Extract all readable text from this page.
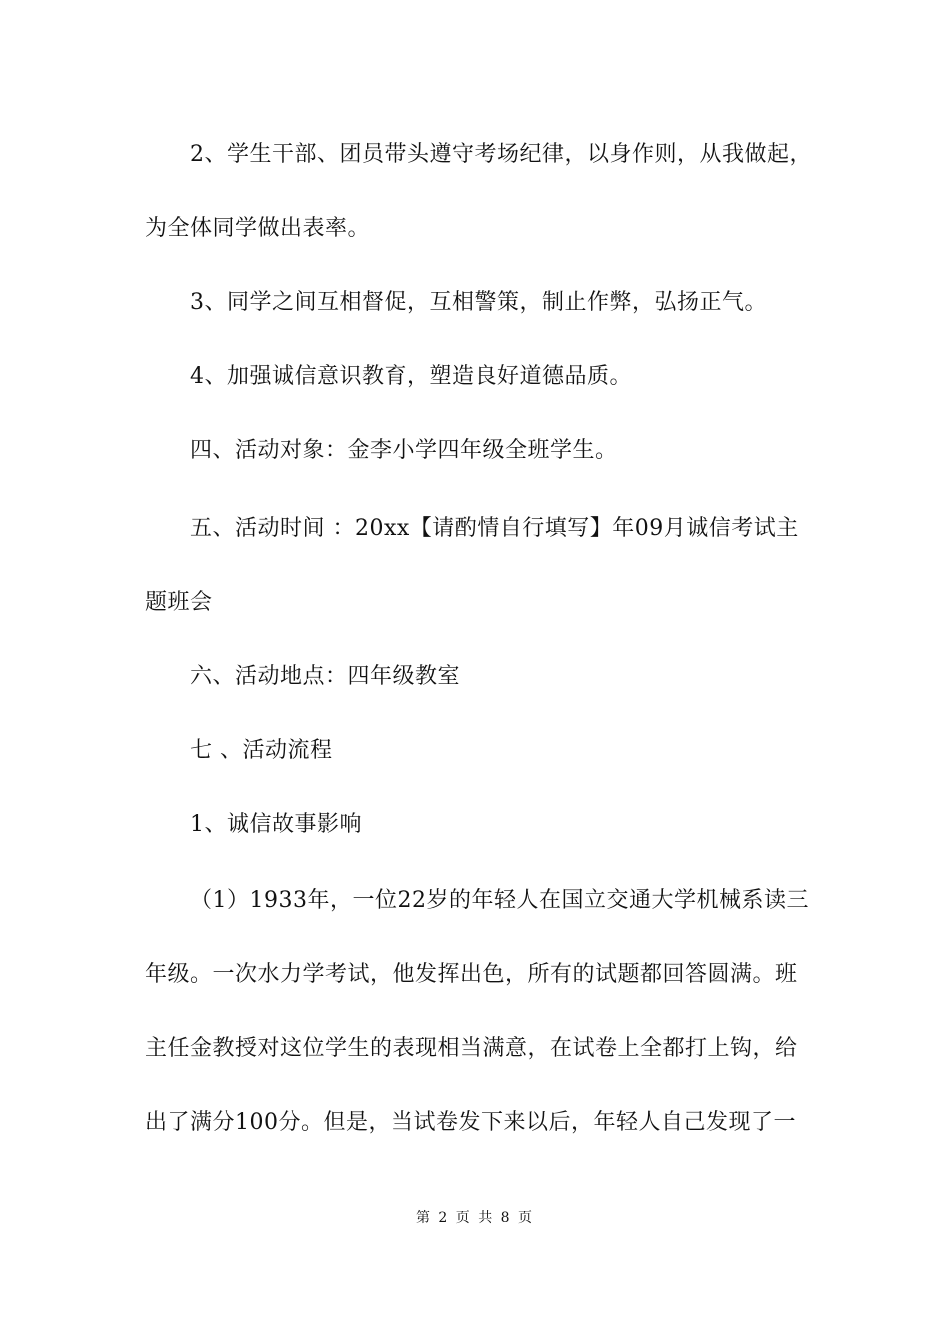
2、学生干部、团员带头遵守考场纪律，以身作则，从我做起，
为全体同学做出表率。
3、同学之间互相督促，互相警策，制止作弊，弘扬正气。
4、加强诚信意识教育，塑造良好道德品质。
四、活动对象：金李小学四年级全班学生。
五、活动时间 ：20xx【请酌情自行填写】年09月诚信考试主
题班会
六、活动地点：四年级教室
七 、活动流程
1、诚信故事影响
（1）1933年，一位22岁的年轻人在国立交通大学机械系读三
年级。一次水力学考试，他发挥出色，所有的试题都回答圆满。班
主任金教授对这位学生的表现相当满意，在试卷上全都打上钩，给
出了满分100分。但是，当试卷发下来以后，年轻人自己发现了一
第 2 页 共 8 页
